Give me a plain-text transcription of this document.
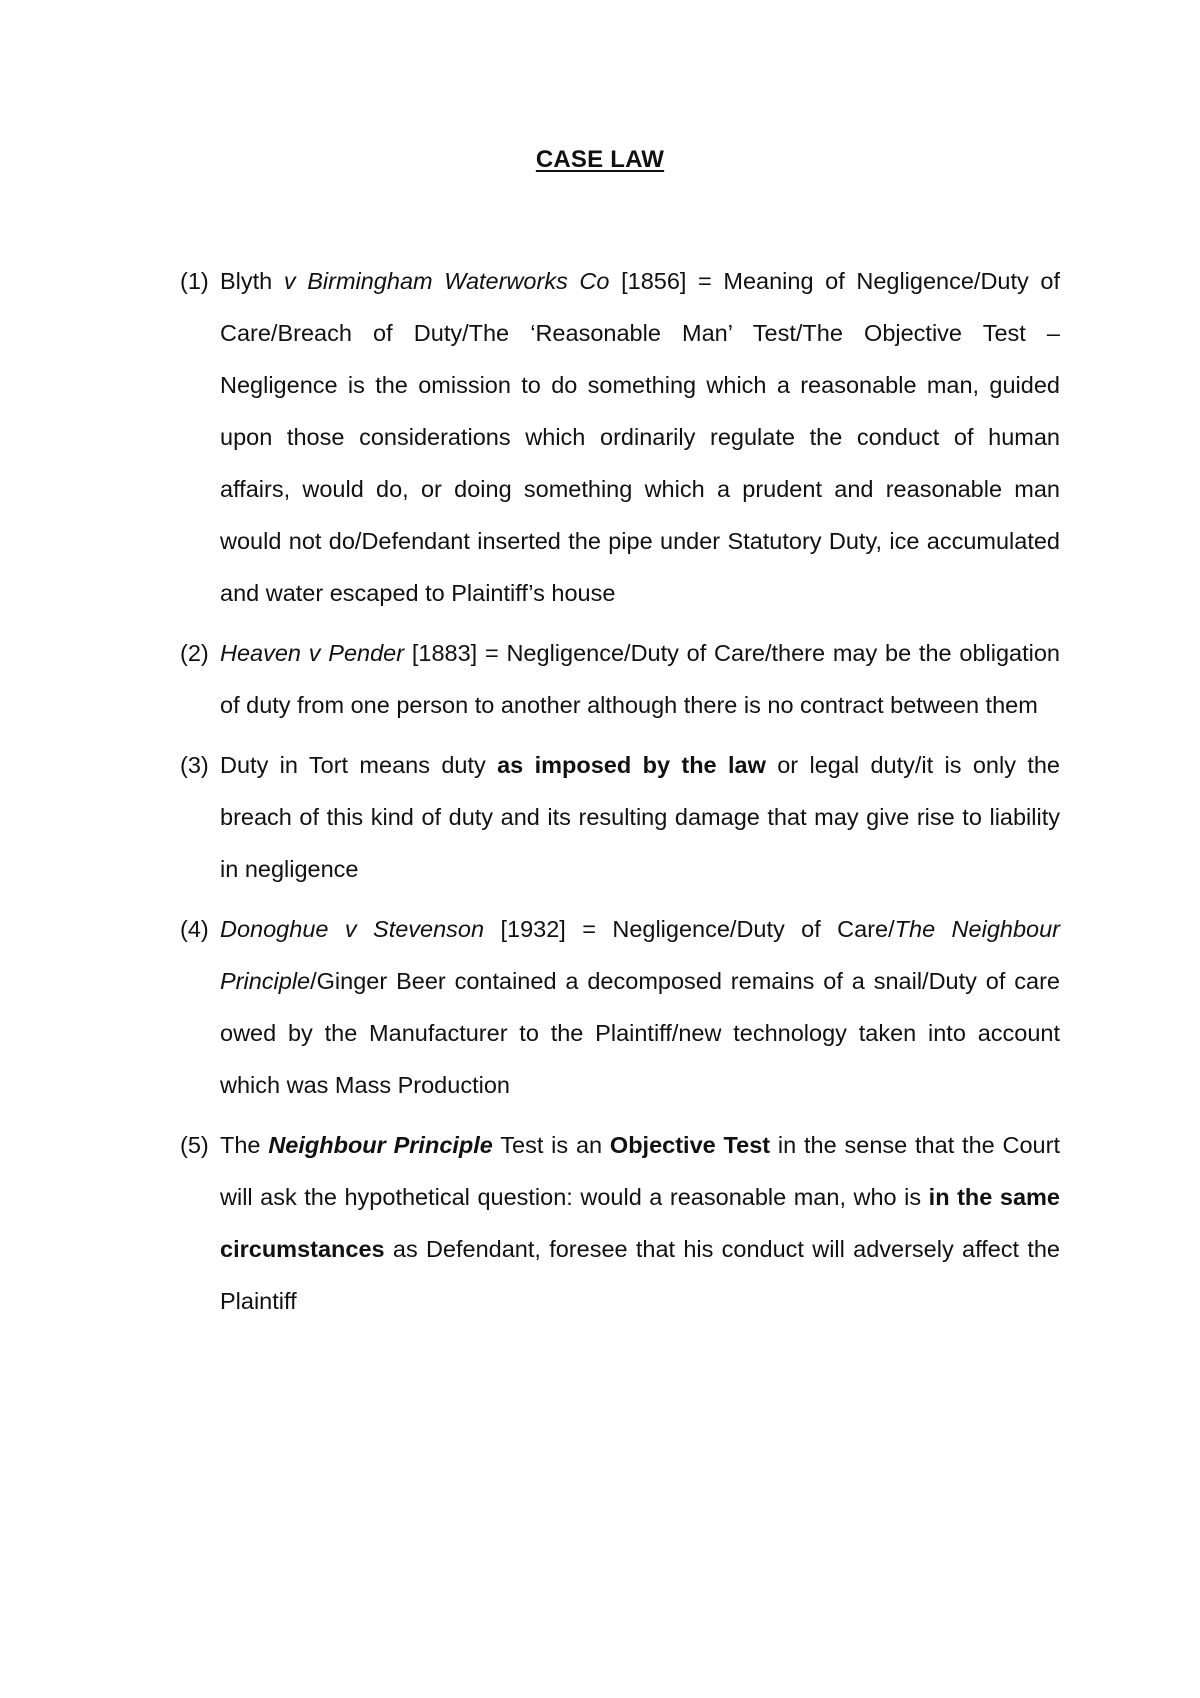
CASE LAW
(1) Blyth v Birmingham Waterworks Co [1856] = Meaning of Negligence/Duty of Care/Breach of Duty/The ‘Reasonable Man’ Test/The Objective Test – Negligence is the omission to do something which a reasonable man, guided upon those considerations which ordinarily regulate the conduct of human affairs, would do, or doing something which a prudent and reasonable man would not do/Defendant inserted the pipe under Statutory Duty, ice accumulated and water escaped to Plaintiff’s house
(2) Heaven v Pender [1883] = Negligence/Duty of Care/there may be the obligation of duty from one person to another although there is no contract between them
(3) Duty in Tort means duty as imposed by the law or legal duty/it is only the breach of this kind of duty and its resulting damage that may give rise to liability in negligence
(4) Donoghue v Stevenson [1932] = Negligence/Duty of Care/The Neighbour Principle/Ginger Beer contained a decomposed remains of a snail/Duty of care owed by the Manufacturer to the Plaintiff/new technology taken into account which was Mass Production
(5) The Neighbour Principle Test is an Objective Test in the sense that the Court will ask the hypothetical question: would a reasonable man, who is in the same circumstances as Defendant, foresee that his conduct will adversely affect the Plaintiff
